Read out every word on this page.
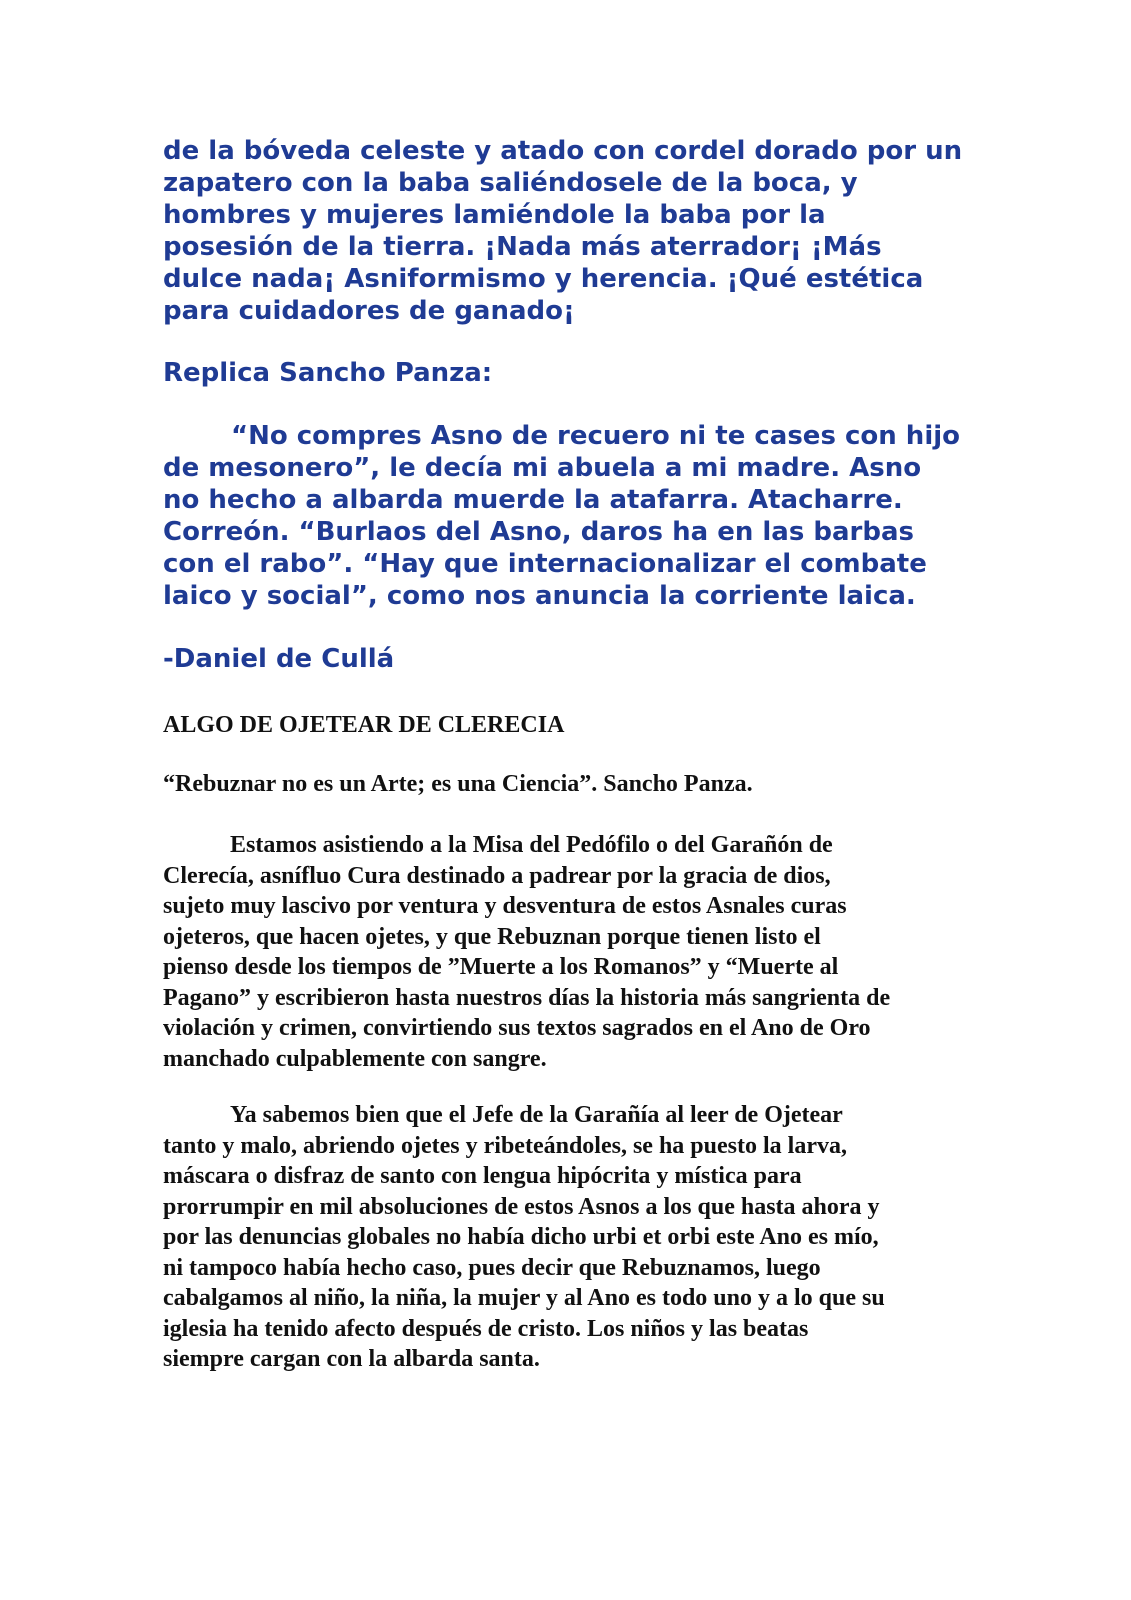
de la bóveda celeste y atado con cordel dorado por un
zapatero con la baba saliéndosele de la boca, y
hombres y mujeres lamiéndole la baba por la
posesión de la tierra. ¡Nada más aterrador¡ ¡Más
dulce nada¡ Asniformismo y herencia. ¡Qué estética
para cuidadores de ganado¡

Replica Sancho Panza:

“No compres Asno de recuero ni te cases con hijo
de mesonero”, le decía mi abuela a mi madre. Asno
no hecho a albarda muerde la atafarra. Atacharre.
Correón. “Burlaos del Asno, daros ha en las barbas
con el rabo”. “Hay que internacionalizar el combate
laico y social”, como nos anuncia la corriente laica.

-Daniel de Cullá

ALGO DE OJETEAR DE CLERECIA

“Rebuznar no es un Arte; es una Ciencia”. Sancho Panza.

Estamos asistiendo a la Misa del Pedófilo o del Garañón de
Clerecía, asnífluo Cura destinado a padrear por la gracia de dios,
sujeto muy lascivo por ventura y desventura de estos Asnales curas
ojeteros, que hacen ojetes, y que Rebuznan porque tienen listo el
pienso desde los tiempos de ”Muerte a los Romanos” y “Muerte al
Pagano” y escribieron hasta nuestros días la historia más sangrienta de
violación y crimen, convirtiendo sus textos sagrados en el Ano de Oro
manchado culpablemente con sangre.

Ya sabemos bien que el Jefe de la Garañía al leer de Ojetear
tanto y malo, abriendo ojetes y ribeteándoles, se ha puesto la larva,
máscara o disfraz de santo con lengua hipócrita y mística para
prorrumpir en mil absoluciones de estos Asnos a los que hasta ahora y
por las denuncias globales no había dicho urbi et orbi este Ano es mío,
ni tampoco había hecho caso, pues decir que Rebuznamos, luego
cabalgamos al niño, la niña, la mujer y al Ano es todo uno y a lo que su
iglesia ha tenido afecto después de cristo. Los niños y las beatas
siempre cargan con la albarda santa.
